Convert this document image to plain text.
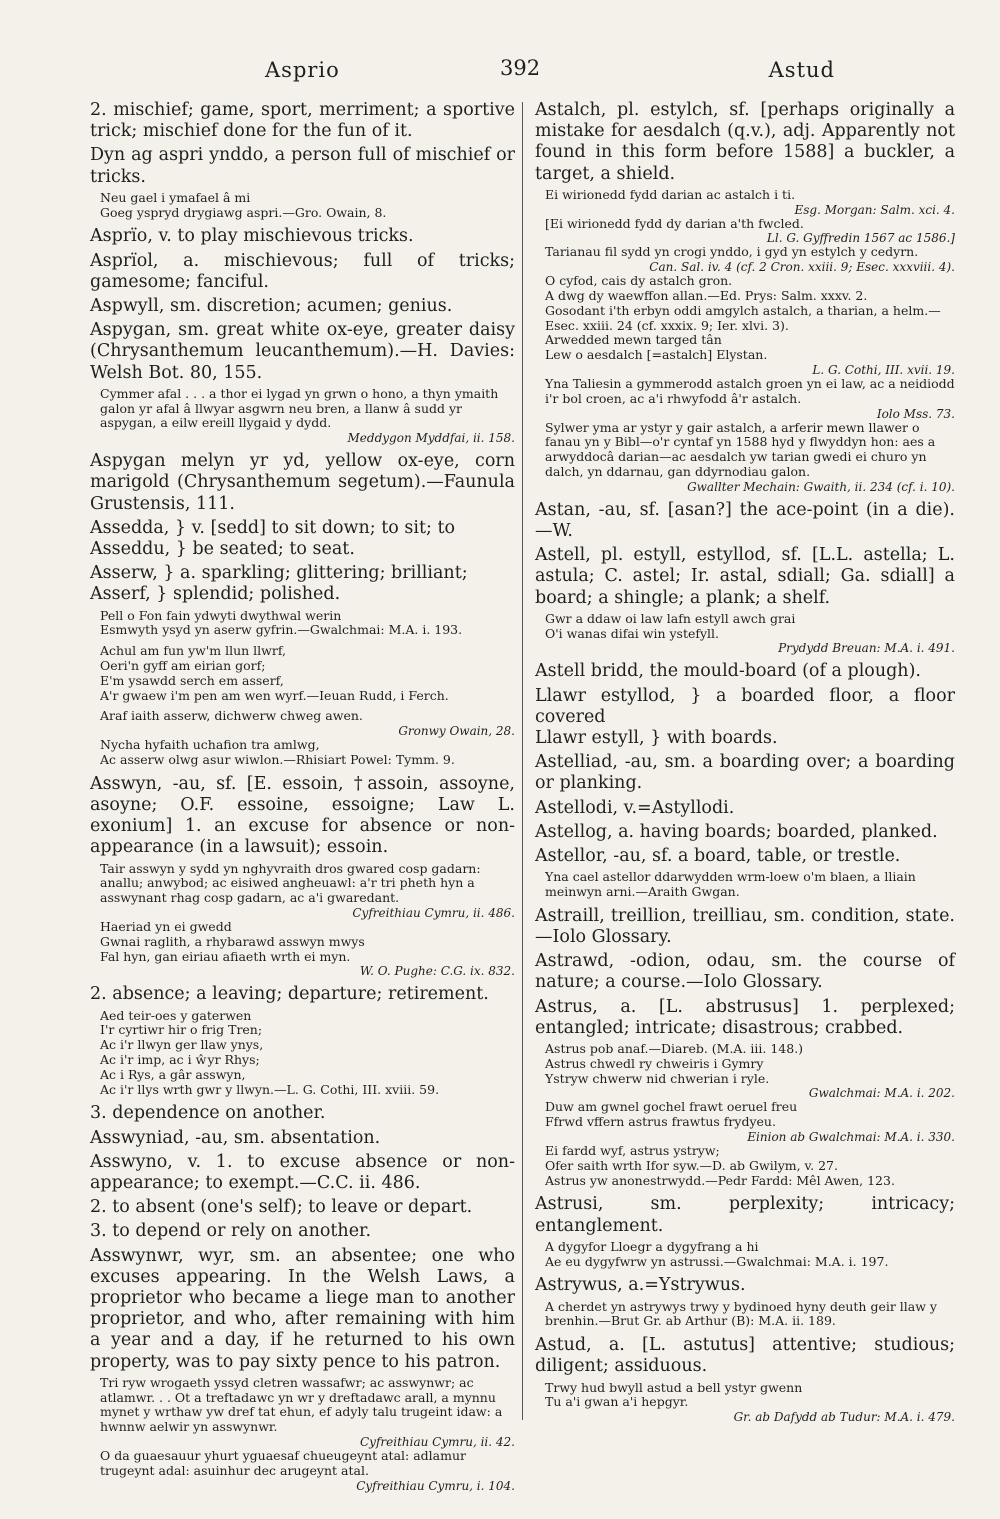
Asprio	392	Astud
2. mischief; game, sport, merriment; a sportive trick; mischief done for the fun of it.
Dyn ag aspri ynddo, a person full of mischief or tricks.
Neu gael i ymafael â mi
Goeg yspryd drygiawg aspri.—Gro. Owain, 8.
Asprïo, v. to play mischievous tricks.
Asprïol, a. mischievous; full of tricks; gamesome; fanciful.
Aspwyll, sm. discretion; acumen; genius.
Aspygan, sm. great white ox-eye, greater daisy (Chrysanthemum leucanthemum).—H. Davies: Welsh Bot. 80, 155.
Cymmer afal . . . a thor ei lygad yn grwn o hono, a thyn ymaith galon yr afal â llwyar asgwrn neu bren, a llanw â sudd yr aspygan, a eilw ereill llygaid y dydd.
Meddygon Myddfai, ii. 158.
Aspygan melyn yr yd, yellow ox-eye, corn marigold (Chrysanthemum segetum).—Faunula Grustensis, 111.
Assedda, } v. [sedd] to sit down; to sit; to
Asseddu, } be seated; to seat.
Asserw, } a. sparkling; glittering; brilliant;
Asserf, } splendid; polished.
Pell o Fon fain ydwyti dwythwal werin
Esmwyth ysyd yn aserw gyfrin.—Gwalchmai: M.A. i. 193.
Achul am fun yw'm llun llwrf,
Oeri'n gyff am eirian gorf;
E'm ysawdd serch em asserf,
A'r gwaew i'm pen am wen wyrf.—Ieuan Rudd, i Ferch.
Araf iaith asserw, dichwerw chweg awen.
Gronwy Owain, 28.
Nycha hyfaith uchafion tra amlwg,
Ac asserw olwg asur wiwlon.—Rhisiart Powel: Tymm. 9.
Asswyn, -au, sf. [E. essoin, †assoin, assoyne, asoyne; O.F. essoine, essoigne; Law L. exonium] 1. an excuse for absence or non-appearance (in a lawsuit); essoin.
Tair asswyn y sydd yn nghyvraith dros gwared cosp gadarn: anallu; anwybod; ac eisiwed angheuawl: a'r tri pheth hyn a asswynant rhag cosp gadarn, ac a'i gwaredant.
Cyfreithiau Cymru, ii. 486.
Haeriad yn ei gwedd
Gwnai raglith, a rhybarawd asswyn mwys
Fal hyn, gan eiriau afiaeth wrth ei myn.
W. O. Pughe: C.G. ix. 832.
2. absence; a leaving; departure; retirement.
Aed teir-oes y gaterwen
I'r cyrtiwr hir o frig Tren;
Ac i'r llwyn ger llaw ynys,
Ac i'r imp, ac i ŵyr Rhys;
Ac i Rys, a gâr asswyn,
Ac i'r llys wrth gwr y llwyn.—L. G. Cothi, III. xviii. 59.
3. dependence on another.
Asswyniad, -au, sm. absentation.
Asswyno, v. 1. to excuse absence or non-appearance; to exempt.—C.C. ii. 486.
2. to absent (one's self); to leave or depart.
3. to depend or rely on another.
Asswynwr, wyr, sm. an absentee; one who excuses appearing. In the Welsh Laws, a proprietor who became a liege man to another proprietor, and who, after remaining with him a year and a day, if he returned to his own property, was to pay sixty pence to his patron.
Tri ryw wrogaeth yssyd cletren wassafwr; ac asswynwr; ac atlamwr. . . Ot a treftadawc yn wr y dreftadawc arall, a mynnu mynet y wrthaw yw dref tat ehun, ef adyly talu trugeint idaw: a hwnnw aelwir yn asswynwr.
Cyfreithiau Cymru, ii. 42.
O da guaesauur yhurt yguaesaf chueugeynt atal: adlamur trugeynt adal: asuinhur dec arugeynt atal.
Cyfreithiau Cymru, i. 104.
Astalch, pl. estylch, sf. [perhaps originally a mistake for aesdalch (q.v.), adj. Apparently not found in this form before 1588] a buckler, a target, a shield.
Ei wirionedd fydd darian ac astalch i ti.
Esg. Morgan: Salm. xci. 4.
[Ei wirionedd fydd dy darian a'th fwcled.
Ll. G. Gyffredin 1567 ac 1586.]
Tarianau fil sydd yn crogi ynddo, i gyd yn estylch y cedyrn.
Can. Sal. iv. 4 (cf. 2 Cron. xxiii. 9; Esec. xxxviii. 4).
O cyfod, cais dy astalch gron.
A dwg dy waewffon allan.—Ed. Prys: Salm. xxxv. 2.
Gosodant i'th erbyn oddi amgylch astalch, a tharian, a helm.—Esec. xxiii. 24 (cf. xxxix. 9; Ier. xlvi. 3).
Arwedded mewn targed tân
Lew o aesdalch [=astalch] Elystan.
L. G. Cothi, III. xvii. 19.
Yna Taliesin a gymmerodd astalch groen yn ei law, ac a neidiodd i'r bol croen, ac a'i rhwyfodd â'r astalch.
Iolo Mss. 73.
Sylwer yma ar ystyr y gair astalch, a arferir mewn llawer o fanau yn y Bibl—o'r cyntaf yn 1588 hyd y flwyddyn hon: aes a arwyddocâ darian—ac aesdalch yw tarian gwedi ei churo yn dalch, yn ddarnau, gan ddyrnodiau galon.
Gwallter Mechain: Gwaith, ii. 234 (cf. i. 10).
Astan, -au, sf. [asan?] the ace-point (in a die).—W.
Astell, pl. estyll, estyllod, sf. [L.L. astella; L. astula; C. astel; Ir. astal, sdiall; Ga. sdiall] a board; a shingle; a plank; a shelf.
Gwr a ddaw oi law lafn estyll awch grai
O'i wanas difai win ystefyll.
Prydydd Breuan: M.A. i. 491.
Astell bridd, the mould-board (of a plough).
Llawr estyllod, } a boarded floor, a floor covered
Llawr estyll, } with boards.
Astelliad, -au, sm. a boarding over; a boarding or planking.
Astellodi, v.=Astyllodi.
Astellog, a. having boards; boarded, planked.
Astellor, -au, sf. a board, table, or trestle.
Yna cael astellor ddarwydden wrm-loew o'm blaen, a lliain meinwyn arni.—Araith Gwgan.
Astraill, treillion, treilliau, sm. condition, state. —Iolo Glossary.
Astrawd, -odion, odau, sm. the course of nature; a course.—Iolo Glossary.
Astrus, a. [L. abstrusus] 1. perplexed; entangled; intricate; disastrous; crabbed.
Astrus pob anaf.—Diareb. (M.A. iii. 148.)
Astrus chwedl ry chweiris i Gymry
Ystryw chwerw nid chwerian i ryle.
Gwalchmai: M.A. i. 202.
Duw am gwnel gochel frawt oeruel freu
Ffrwd vffern astrus frawtus frydyeu.
Einion ab Gwalchmai: M.A. i. 330.
Ei fardd wyf, astrus ystryw;
Ofer saith wrth Ifor syw.—D. ab Gwilym, v. 27.
Astrus yw anonestrwydd.—Pedr Fardd: Mêl Awen, 123.
Astrusi, sm. perplexity; intricacy; entanglement.
A dygyfor Lloegr a dygyfrang a hi
Ae eu dygyfwrw yn astrussi.—Gwalchmai: M.A. i. 197.
Astrywus, a.=Ystrywus.
A cherdet yn astrywys trwy y bydinoed hyny deuth geir llaw y brenhin.—Brut Gr. ab Arthur (B): M.A. ii. 189.
Astud, a. [L. astutus] attentive; studious; diligent; assiduous.
Trwy hud bwyll astud a bell ystyr gwenn
Tu a'i gwan a'i hepgyr.
Gr. ab Dafydd ab Tudur: M.A. i. 479.
